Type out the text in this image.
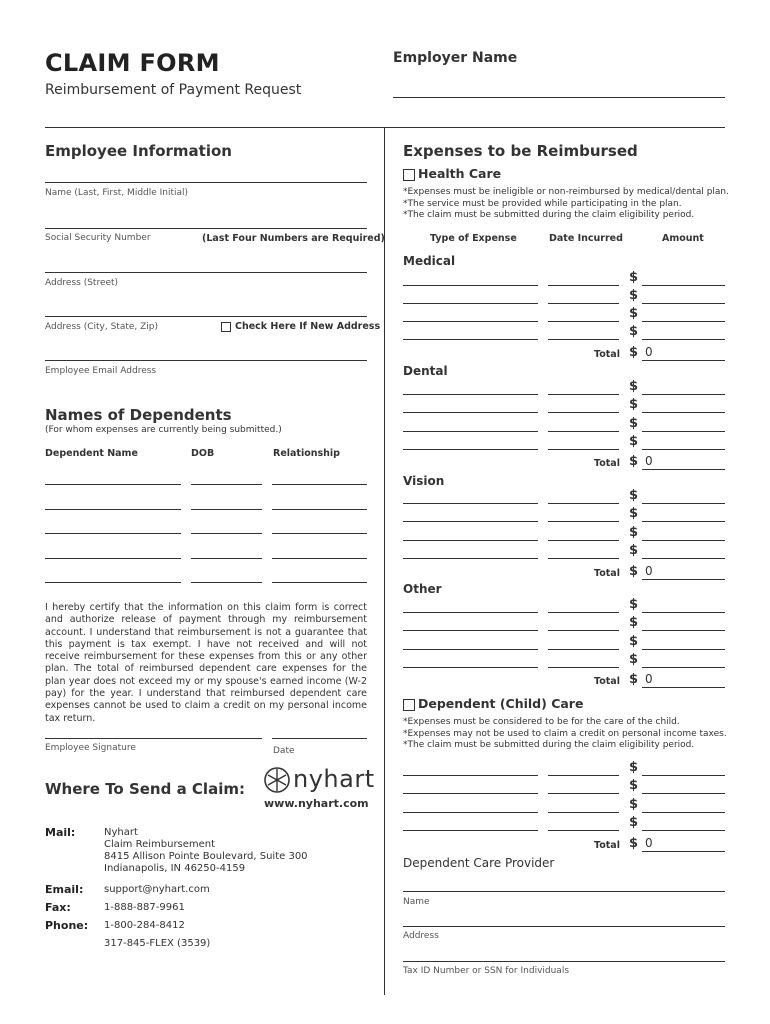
CLAIM FORM
Reimbursement of Payment Request
Employer Name
Employee Information
Name (Last, First, Middle Initial)
Social Security Number	(Last Four Numbers are Required)
Address (Street)
Address (City, State, Zip)	Check Here If New Address
Employee Email Address
Names of Dependents
(For whom expenses are currently being submitted.)
Dependent Name	DOB	Relationship
I hereby certify that the information on this claim form is correct and authorize release of payment through my reimbursement account. I understand that reimbursement is not a guarantee that this payment is tax exempt. I have not received and will not receive reimbursement for these expenses from this or any other plan. The total of reimbursed dependent care expenses for the plan year does not exceed my or my spouse's earned income (W-2 pay) for the year. I understand that reimbursed dependent care expenses cannot be used to claim a credit on my personal income tax return.
Employee Signature	Date
Where To Send a Claim: nyhart
www.nyhart.com
Mail:	Nyhart
Claim Reimbursement
8415 Allison Pointe Boulevard, Suite 300
Indianapolis, IN 46250-4159
Email: support@nyhart.com
Fax:	1-888-887-9961
Phone: 1-800-284-8412
317-845-FLEX (3539)
Expenses to be Reimbursed
Health Care
*Expenses must be ineligible or non-reimbursed by medical/dental plan.
*The service must be provided while participating in the plan.
*The claim must be submitted during the claim eligibility period.
Type of Expense	Date Incurred	Amount
Medical
$
$
$
$
Total $ 0
Dental
$
$
$
$
Total $ 0
Vision
$
$
$
$
Total $ 0
Other
$
$
$
$
Total $ 0
Dependent (Child) Care
*Expenses must be considered to be for the care of the child.
*Expenses may not be used to claim a credit on personal income taxes.
*The claim must be submitted during the claim eligibility period.
$
$
$
$
Total $ 0
Dependent Care Provider
Name
Address
Tax ID Number or SSN for Individuals
